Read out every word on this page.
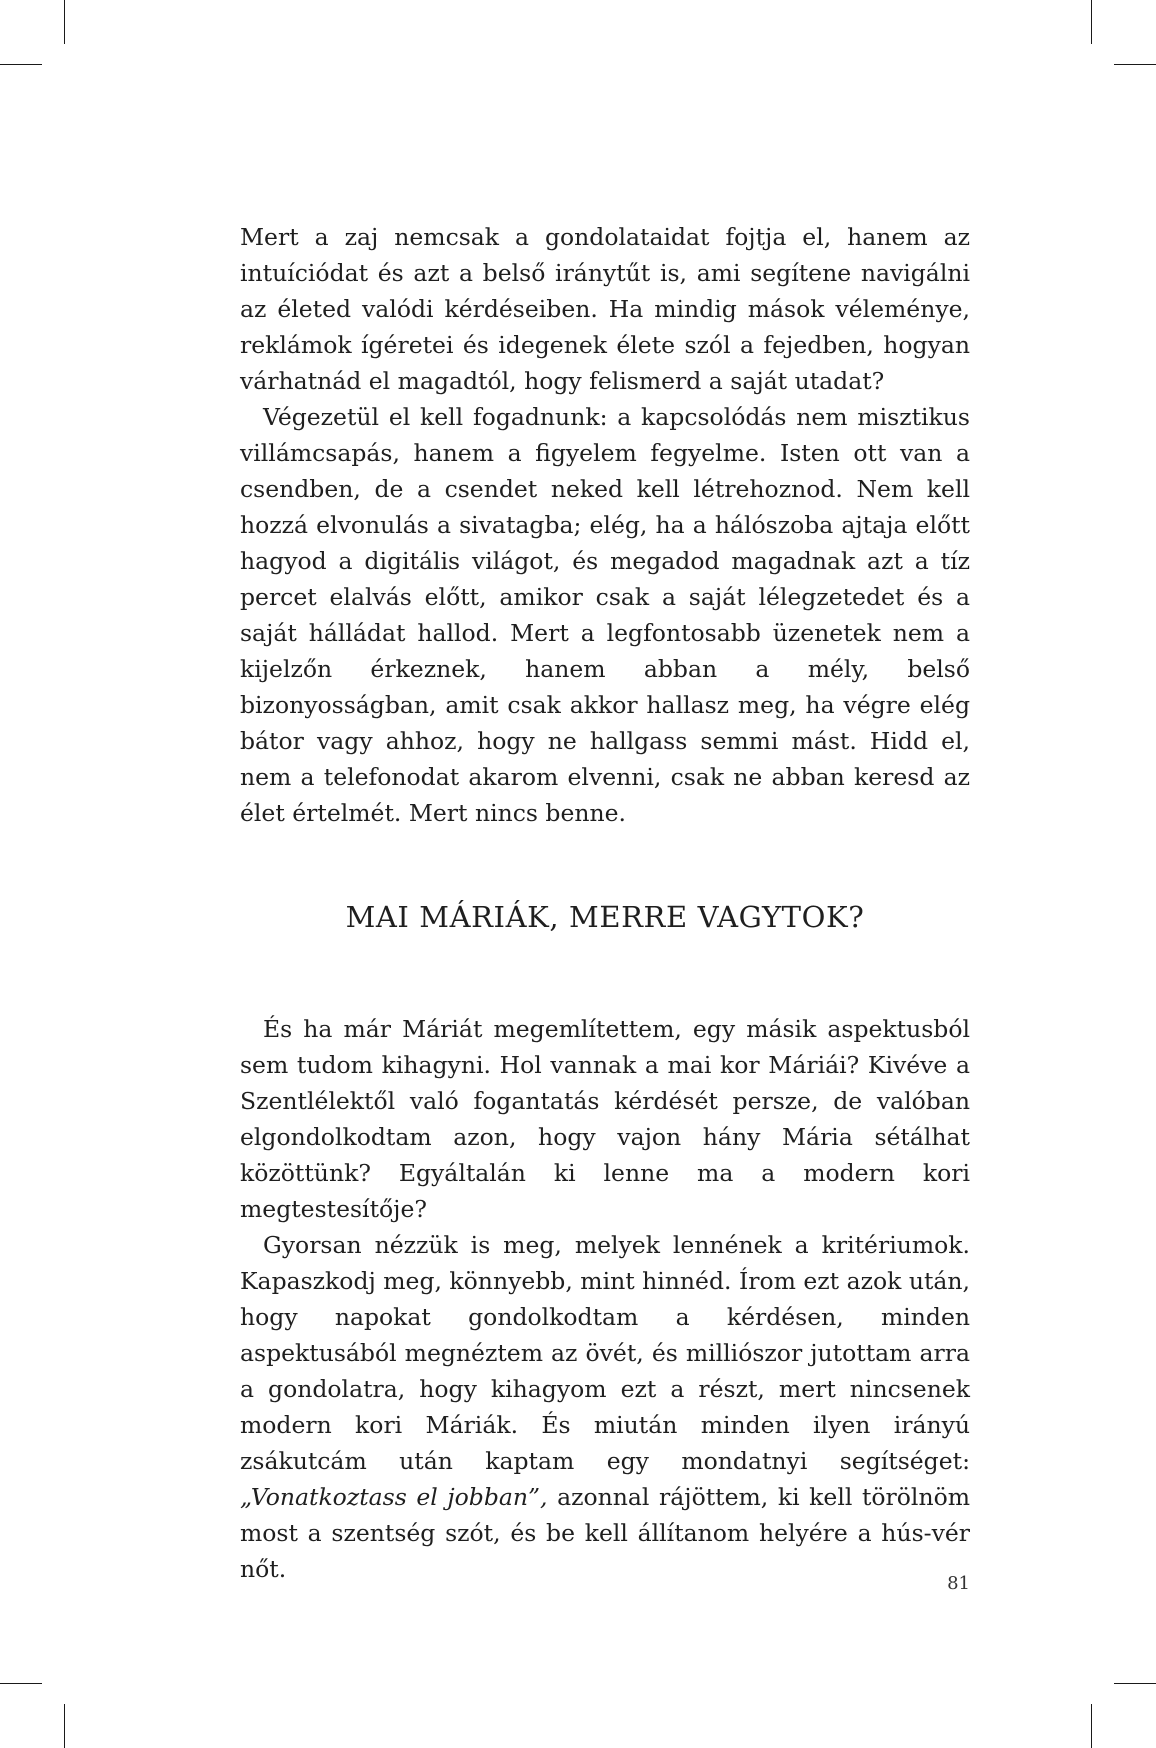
Mert a zaj nemcsak a gondolataidat fojtja el, hanem az intuíciódat és azt a belső iránytűt is, ami segítene navigálni az életed valódi kérdéseiben. Ha mindig mások véleménye, reklámok ígéretei és idegenek élete szól a fejedben, hogyan várhatnád el magadtól, hogy felismerd a saját utadat?

Végezetül el kell fogadnunk: a kapcsolódás nem misztikus villámcsapás, hanem a figyelem fegyelme. Isten ott van a csendben, de a csendet neked kell létrehoznod. Nem kell hozzá elvonulás a sivatagba; elég, ha a hálószoba ajtaja előtt hagyod a digitális világot, és megadod magadnak azt a tíz percet elalvás előtt, amikor csak a saját lélegzetedet és a saját hálládat hallod. Mert a legfontosabb üzenetek nem a kijelzőn érkeznek, hanem abban a mély, belső bizonyosságban, amit csak akkor hallasz meg, ha végre elég bátor vagy ahhoz, hogy ne hallgass semmi mást. Hidd el, nem a telefonodat akarom elvenni, csak ne abban keresd az élet értelmét. Mert nincs benne.

MAI MÁRIÁK, MERRE VAGYTOK?

És ha már Máriát megemlítettem, egy másik aspektusból sem tudom kihagyni. Hol vannak a mai kor Máriái? Kivéve a Szentlélektől való fogantatás kérdését persze, de valóban elgondolkodtam azon, hogy vajon hány Mária sétálhat közöttünk? Egyáltalán ki lenne ma a modern kori megtestesítője?

Gyorsan nézzük is meg, melyek lennének a kritériumok. Kapaszkodj meg, könnyebb, mint hinnéd. Írom ezt azok után, hogy napokat gondolkodtam a kérdésen, minden aspektusából megnéztem az övét, és milliószor jutottam arra a gondolatra, hogy kihagyom ezt a részt, mert nincsenek modern kori Máriák. És miután minden ilyen irányú zsákutcám után kaptam egy mondatnyi segítséget: „Vonatkoztass el jobban”, azonnal rájöttem, ki kell törölnöm most a szentség szót, és be kell állítanom helyére a hús-vér nőt.

81
